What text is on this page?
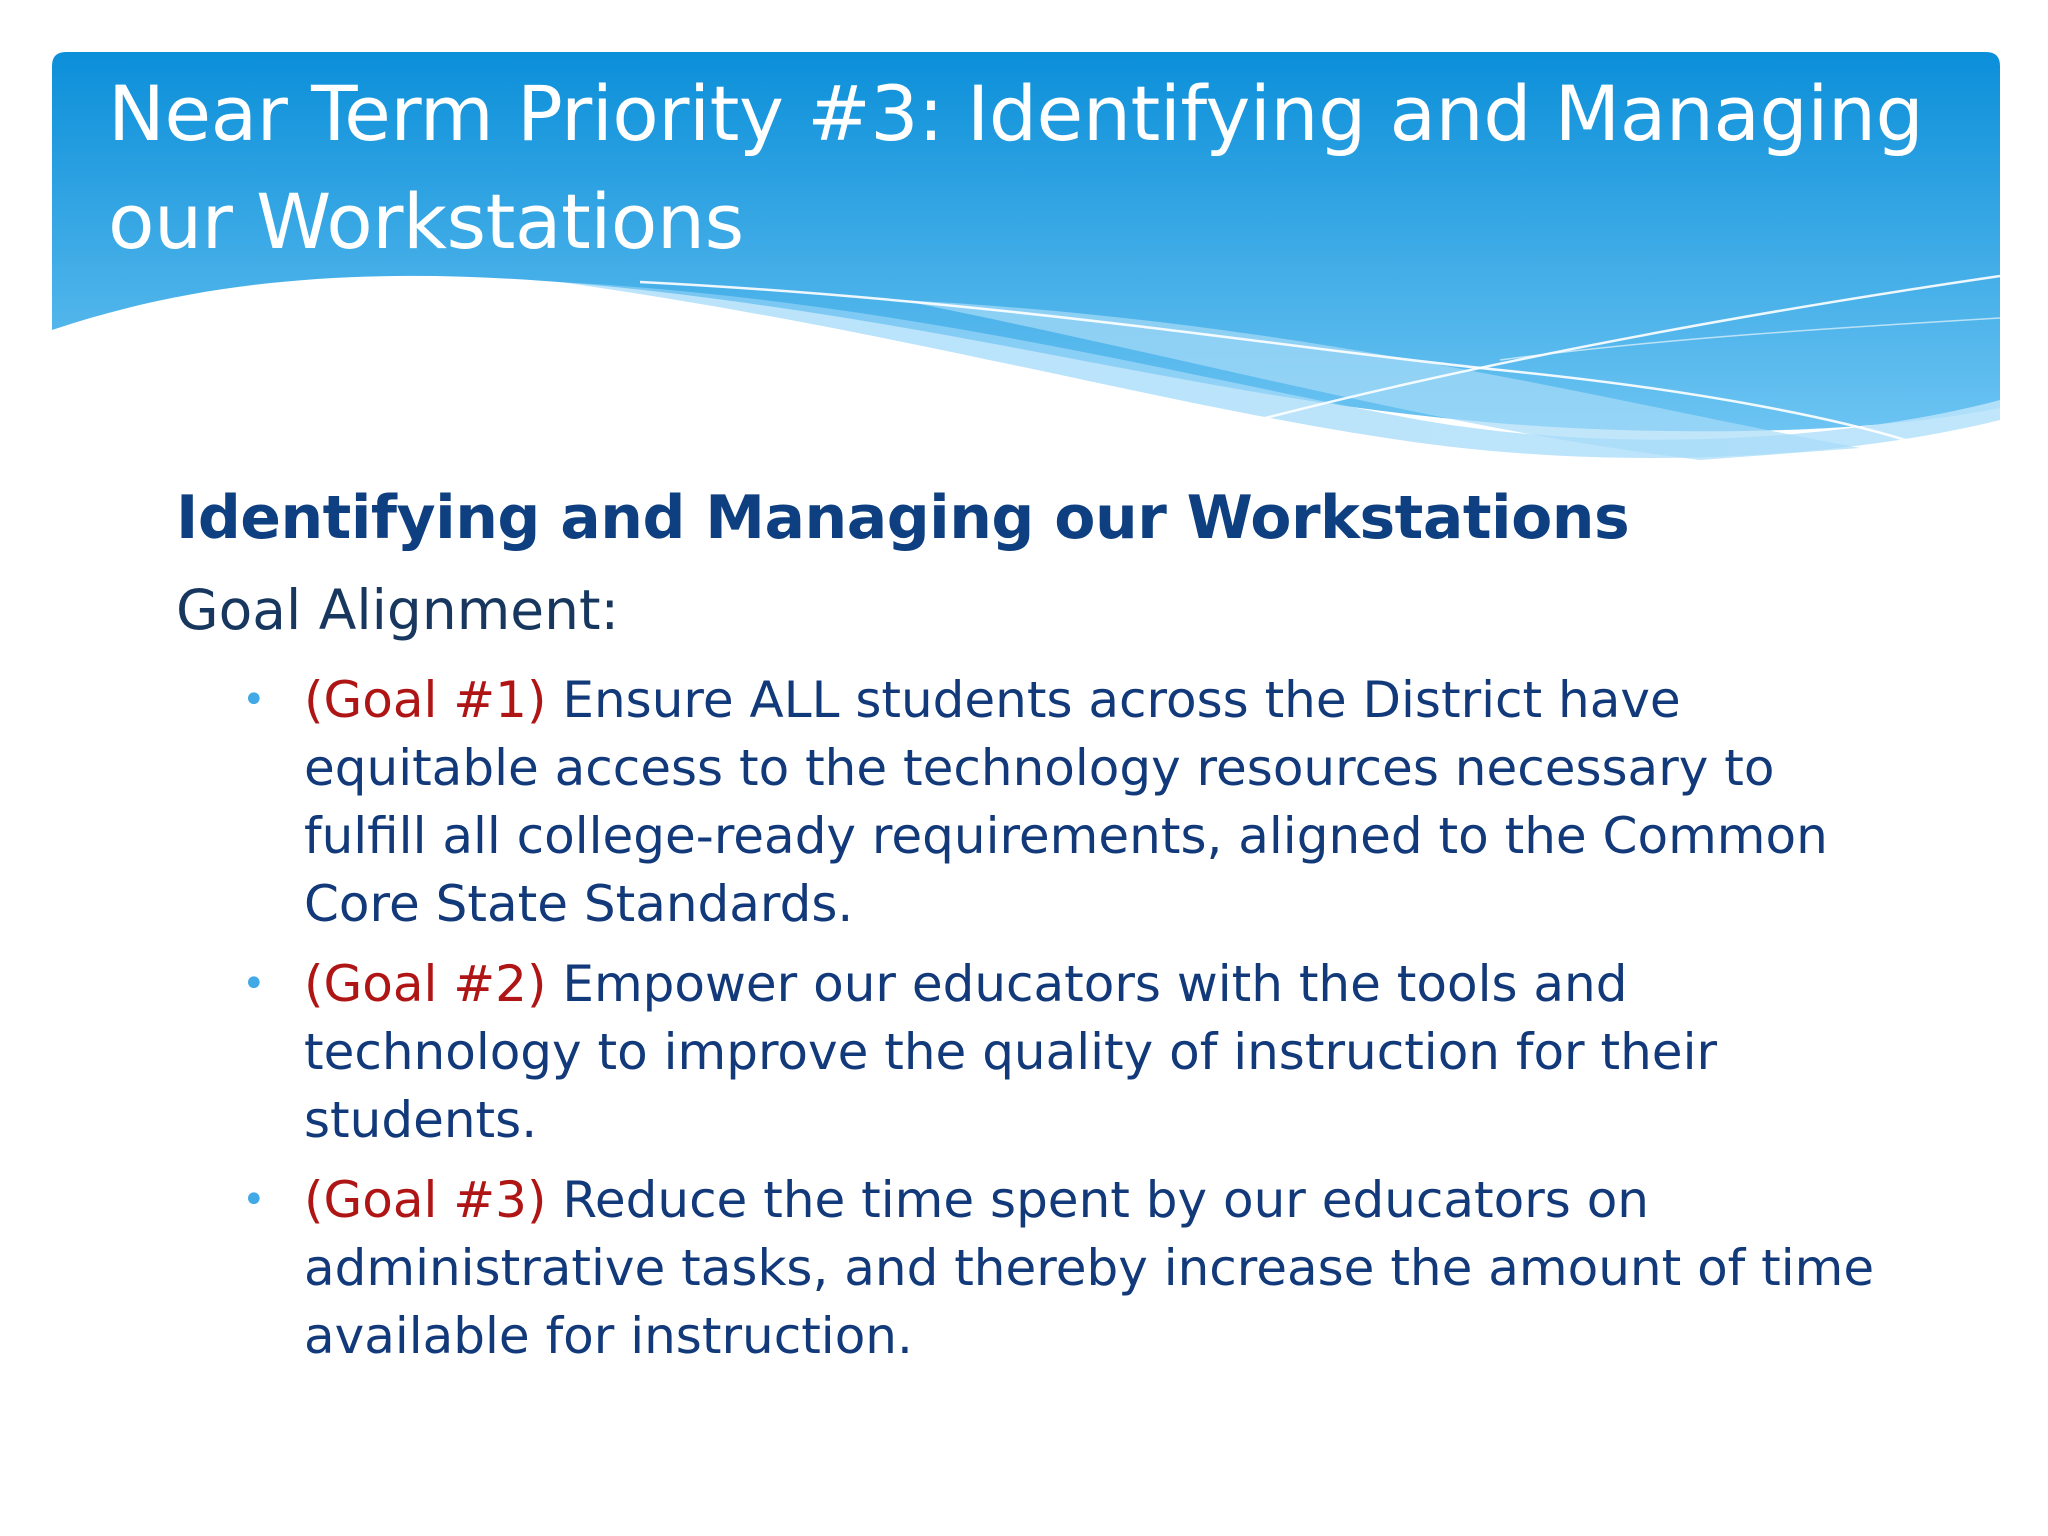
Near Term Priority #3: Identifying and Managing our Workstations

Identifying and Managing our Workstations

Goal Alignment:

• (Goal #1) Ensure ALL students across the District have equitable access to the technology resources necessary to fulfill all college-ready requirements, aligned to the Common Core State Standards.
• (Goal #2) Empower our educators with the tools and technology to improve the quality of instruction for their students.
• (Goal #3) Reduce the time spent by our educators on administrative tasks, and thereby increase the amount of time available for instruction.
